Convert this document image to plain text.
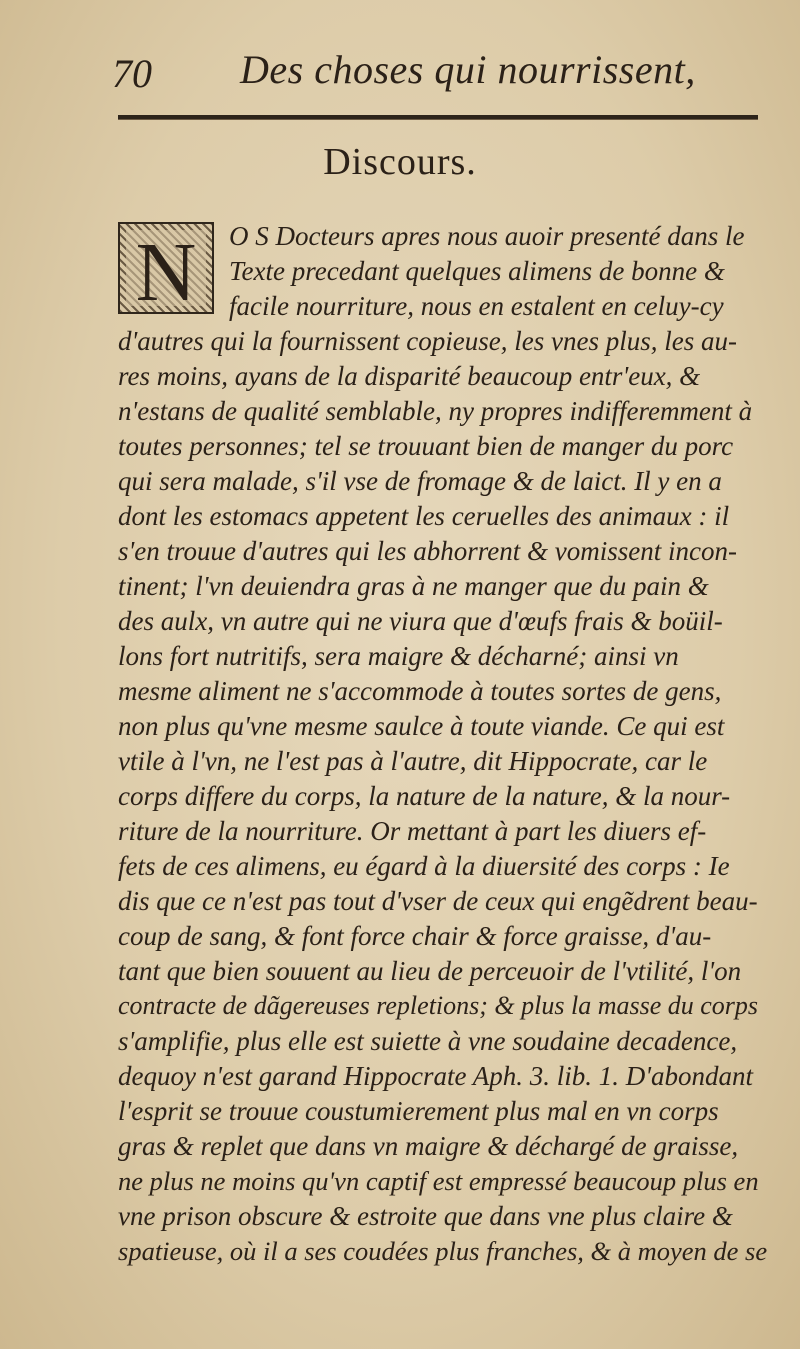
70 Des choses qui nourrissent,
Discours.
N O S Docteurs apres nous auoir presenté dans le
Texte precedant quelques alimens de bonne &
facile nourriture, nous en estalent en celuy-cy
d'autres qui la fournissent copieuse, les vnes plus, les au-
res moins, ayans de la disparité beaucoup entr'eux, &
n'estans de qualité semblable, ny propres indifferemment à
toutes personnes; tel se trouuant bien de manger du porc
qui sera malade, s'il vse de fromage & de laict. Il y en a
dont les estomacs appetent les ceruelles des animaux : il
s'en trouue d'autres qui les abhorrent & vomissent incon-
tinent; l'vn deuiendra gras à ne manger que du pain &
des aulx, vn autre qui ne viura que d'œufs frais & boüil-
lons fort nutritifs, sera maigre & décharné; ainsi vn
mesme aliment ne s'accommode à toutes sortes de gens,
non plus qu'vne mesme saulce à toute viande. Ce qui est
vtile à l'vn, ne l'est pas à l'autre, dit Hippocrate, car le
corps differe du corps, la nature de la nature, & la nour-
riture de la nourriture. Or mettant à part les diuers ef-
fets de ces alimens, eu égard à la diuersité des corps : Ie
dis que ce n'est pas tout d'vser de ceux qui engẽdrent beau-
coup de sang, & font force chair & force graisse, d'au-
tant que bien souuent au lieu de perceuoir de l'vtilité, l'on
contracte de dãgereuses repletions; & plus la masse du corps
s'amplifie, plus elle est suiette à vne soudaine decadence,
dequoy n'est garand Hippocrate Aph. 3. lib. 1. D'abondant
l'esprit se trouue coustumierement plus mal en vn corps
gras & replet que dans vn maigre & déchargé de graisse,
ne plus ne moins qu'vn captif est empressé beaucoup plus en
vne prison obscure & estroite que dans vne plus claire &
spatieuse, où il a ses coudées plus franches, & à moyen de se
